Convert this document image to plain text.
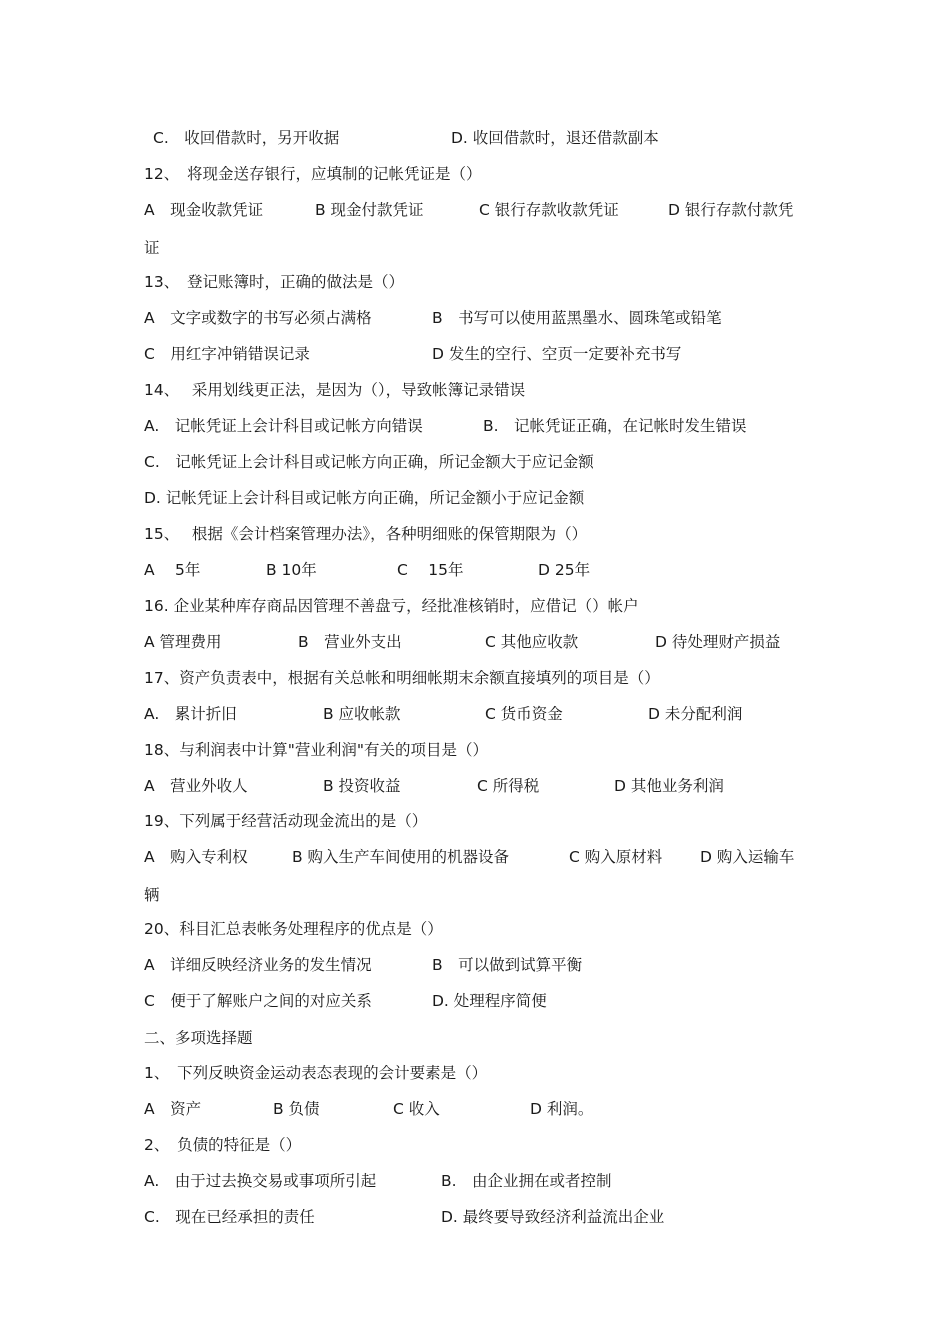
C.　收回借款时，另开收据	D. 收回借款时，退还借款副本
12、　将现金送存银行，应填制的记帐凭证是（）
A　现金收款凭证	B 现金付款凭证	C 银行存款收款凭证	D 银行存款付款凭
证
13、　登记账簿时，正确的做法是（）
A　文字或数字的书写必须占满格	B　书写可以使用蓝黑墨水、圆珠笔或铅笔
C　用红字冲销错误记录	D 发生的空行、空页一定要补充书写
14、　 采用划线更正法，是因为（），导致帐簿记录错误
A.　记帐凭证上会计科目或记帐方向错误	B.　记帐凭证正确，在记帐时发生错误
C.　记帐凭证上会计科目或记帐方向正确，所记金额大于应记金额
D. 记帐凭证上会计科目或记帐方向正确，所记金额小于应记金额
15、　 根据《会计档案管理办法》，各种明细账的保管期限为（）
A　 5年	B 10年	C　 15年	D 25年
16. 企业某种库存商品因管理不善盘亏，经批准核销时，应借记（）帐户
A 管理费用	B　营业外支出	C 其他应收款	D 待处理财产损益
17、资产负责表中，根据有关总帐和明细帐期末余额直接填列的项目是（）
A.　累计折旧	B 应收帐款	C 货币资金	D 未分配利润
18、与利润表中计算"营业利润"有关的项目是（）
A　营业外收人	B 投资收益	C 所得税	D 其他业务利润
19、下列属于经营活动现金流出的是（）
A　购入专利权	B 购入生产车间使用的机器设备	C 购入原材料 D 购入运输车
辆
20、科目汇总表帐务处理程序的优点是（）
A　详细反映经济业务的发生情况	B　可以做到试算平衡
C　便于了解账户之间的对应关系	D. 处理程序简便
二、多项选择题
1、　下列反映资金运动表态表现的会计要素是（）
A　资产	B 负债	C 收入	D 利润。
2、　负债的特征是（）
A.　由于过去换交易或事项所引起	B.　由企业拥在或者控制
C.　现在已经承担的责任	D. 最终要导致经济利益流出企业
